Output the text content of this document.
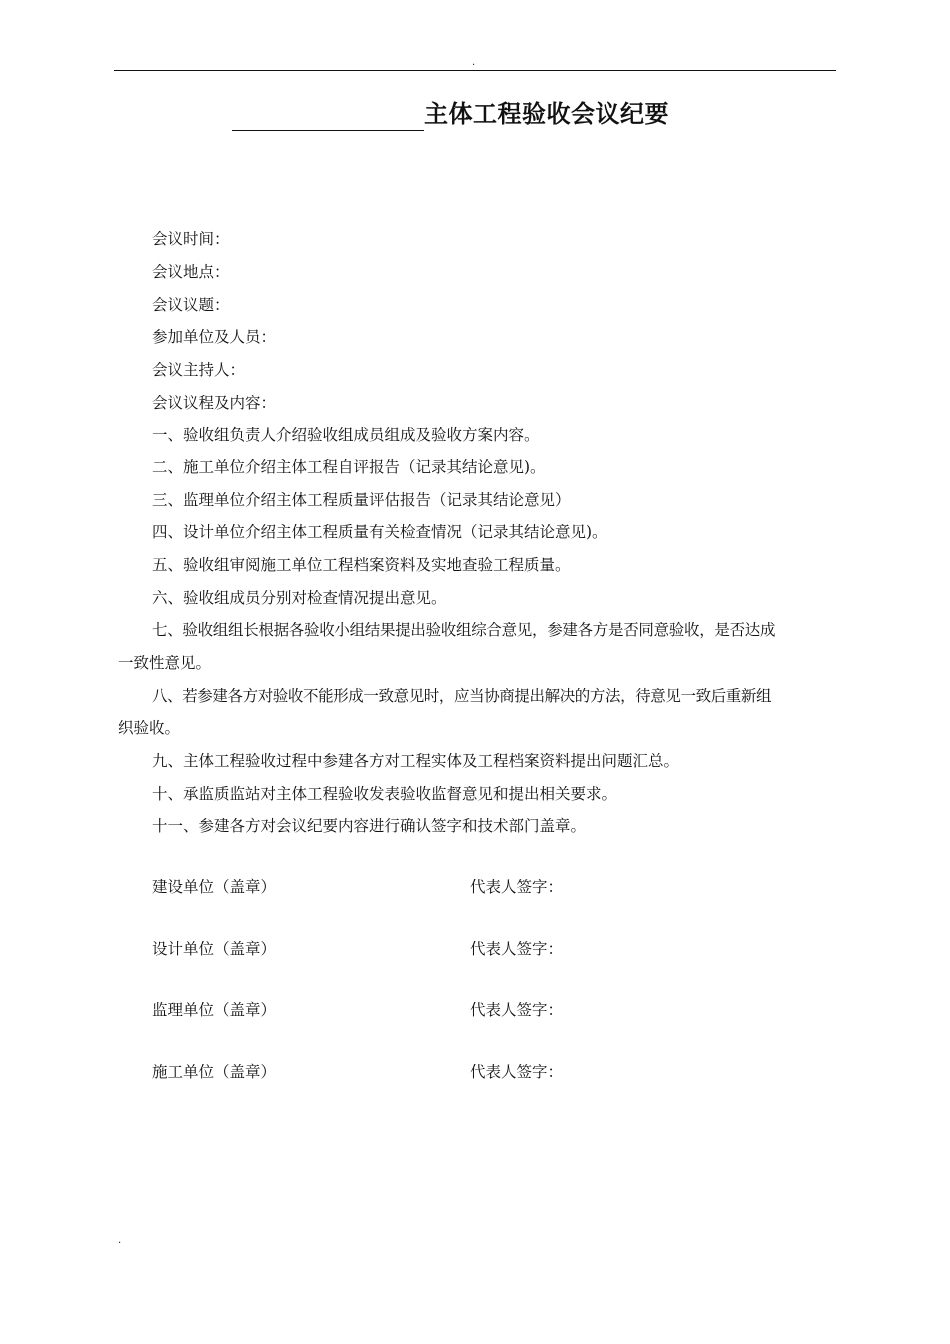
.
主体工程验收会议纪要
会议时间：
会议地点：
会议议题：
参加单位及人员：
会议主持人：
会议议程及内容：
一、验收组负责人介绍验收组成员组成及验收方案内容。
二、施工单位介绍主体工程自评报告（记录其结论意见)。
三、监理单位介绍主体工程质量评估报告（记录其结论意见）
四、设计单位介绍主体工程质量有关检查情况（记录其结论意见)。
五、验收组审阅施工单位工程档案资料及实地查验工程质量。
六、验收组成员分别对检查情况提出意见。
七、验收组组长根据各验收小组结果提出验收组综合意见，参建各方是否同意验收，是否达成
一致性意见。
八、若参建各方对验收不能形成一致意见时，应当协商提出解决的方法，待意见一致后重新组
织验收。
九、主体工程验收过程中参建各方对工程实体及工程档案资料提出问题汇总。
十、承监质监站对主体工程验收发表验收监督意见和提出相关要求。
十一、参建各方对会议纪要内容进行确认签字和技术部门盖章。
建设单位（盖章）	代表人签字：
设计单位（盖章）	代表人签字：
监理单位（盖章）	代表人签字：
施工单位（盖章）	代表人签字：
.
